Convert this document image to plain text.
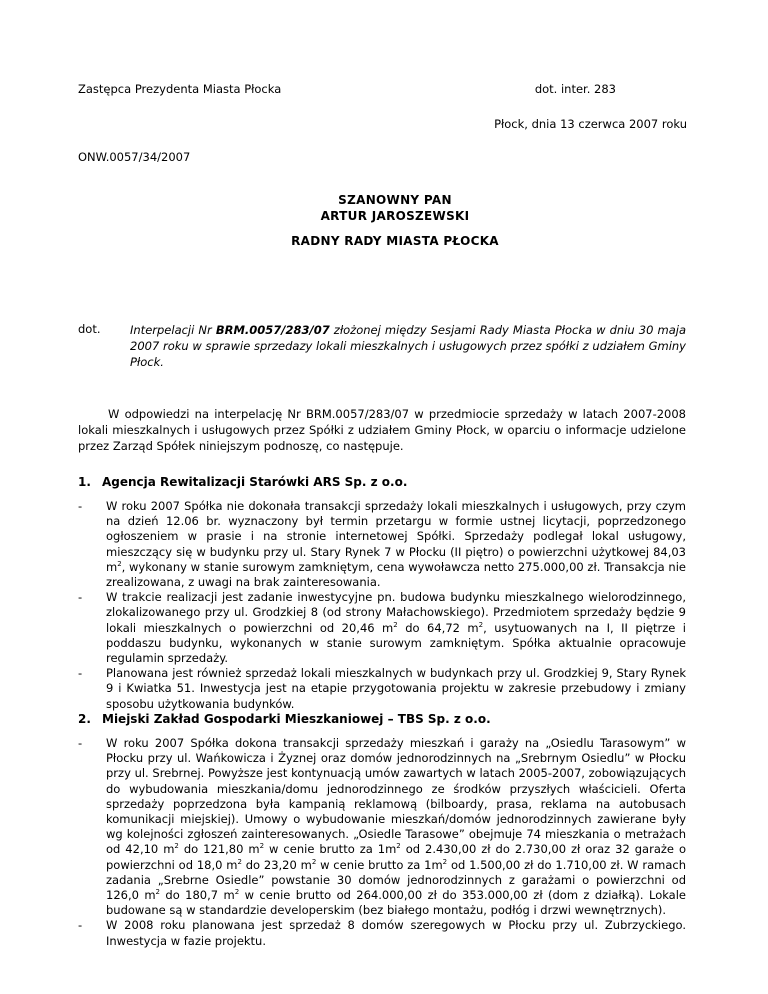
Zastępca Prezydenta Miasta Płocka	dot. inter. 283
Płock, dnia 13 czerwca 2007 roku
ONW.0057/34/2007
SZANOWNY PAN
ARTUR JAROSZEWSKI
RADNY RADY MIASTA PŁOCKA
dot.	Interpelacji Nr BRM.0057/283/07 złożonej między Sesjami Rady Miasta Płocka w dniu 30 maja 2007 roku w sprawie sprzedazy lokali mieszkalnych i usługowych przez spółki z udziałem Gminy Płock.
W odpowiedzi na interpelację Nr BRM.0057/283/07 w przedmiocie sprzedaży w latach 2007-2008 lokali mieszkalnych i usługowych przez Spółki z udziałem Gminy Płock, w oparciu o informacje udzielone przez Zarząd Spółek niniejszym podnoszę, co następuje.
1. Agencja Rewitalizacji Starówki ARS Sp. z o.o.
- W roku 2007 Spółka nie dokonała transakcji sprzedaży lokali mieszkalnych i usługowych, przy czym na dzień 12.06 br. wyznaczony był termin przetargu w formie ustnej licytacji, poprzedzonego ogłoszeniem w prasie i na stronie internetowej Spółki. Sprzedaży podlegał lokal usługowy, mieszczący się w budynku przy ul. Stary Rynek 7 w Płocku (II piętro) o powierzchni użytkowej 84,03 $m^2$, wykonany w stanie surowym zamkniętym, cena wywoławcza netto 275.000,00 zł. Transakcja nie zrealizowana, z uwagi na brak zainteresowania.
- W trakcie realizacji jest zadanie inwestycyjne pn. budowa budynku mieszkalnego wielorodzinnego, zlokalizowanego przy ul. Grodzkiej 8 (od strony Małachowskiego). Przedmiotem sprzedaży będzie 9 lokali mieszkalnych o powierzchni od 20,46 $m^2$ do 64,72 $m^2$, usytuowanych na I, II piętrze i poddaszu budynku, wykonanych w stanie surowym zamkniętym. Spółka aktualnie opracowuje regulamin sprzedaży.
- Planowana jest również sprzedaż lokali mieszkalnych w budynkach przy ul. Grodzkiej 9, Stary Rynek 9 i Kwiatka 51. Inwestycja jest na etapie przygotowania projektu w zakresie przebudowy i zmiany sposobu użytkowania budynków.
2. Miejski Zakład Gospodarki Mieszkaniowej – TBS Sp. z o.o.
- W roku 2007 Spółka dokona transakcji sprzedaży mieszkań i garaży na „Osiedlu Tarasowym” w Płocku przy ul. Wańkowicza i Żyznej oraz domów jednorodzinnych na „Srebrnym Osiedlu” w Płocku przy ul. Srebrnej. Powyższe jest kontynuacją umów zawartych w latach 2005-2007, zobowiązujących do wybudowania mieszkania/domu jednorodzinnego ze środków przyszłych właścicieli. Oferta sprzedaży poprzedzona była kampanią reklamową (bilboardy, prasa, reklama na autobusach komunikacji miejskiej). Umowy o wybudowanie mieszkań/domów jednorodzinnych zawierane były wg kolejności zgłoszeń zainteresowanych. „Osiedle Tarasowe” obejmuje 74 mieszkania o metrażach od 42,10 $m^2$ do 121,80 $m^2$ w cenie brutto za $1m^2$ od 2.430,00 zł do 2.730,00 zł oraz 32 garaże o powierzchni od 18,0 $m^2$ do 23,20 $m^2$ w cenie brutto za $1m^2$ od 1.500,00 zł do 1.710,00 zł. W ramach zadania „Srebrne Osiedle” powstanie 30 domów jednorodzinnych z garażami o powierzchni od 126,0 $m^2$ do 180,7 $m^2$ w cenie brutto od 264.000,00 zł do 353.000,00 zł (dom z działką). Lokale budowane są w standardzie developerskim (bez białego montażu, podłóg i drzwi wewnętrznych).
- W 2008 roku planowana jest sprzedaż 8 domów szeregowych w Płocku przy ul. Zubrzyckiego. Inwestycja w fazie projektu.
